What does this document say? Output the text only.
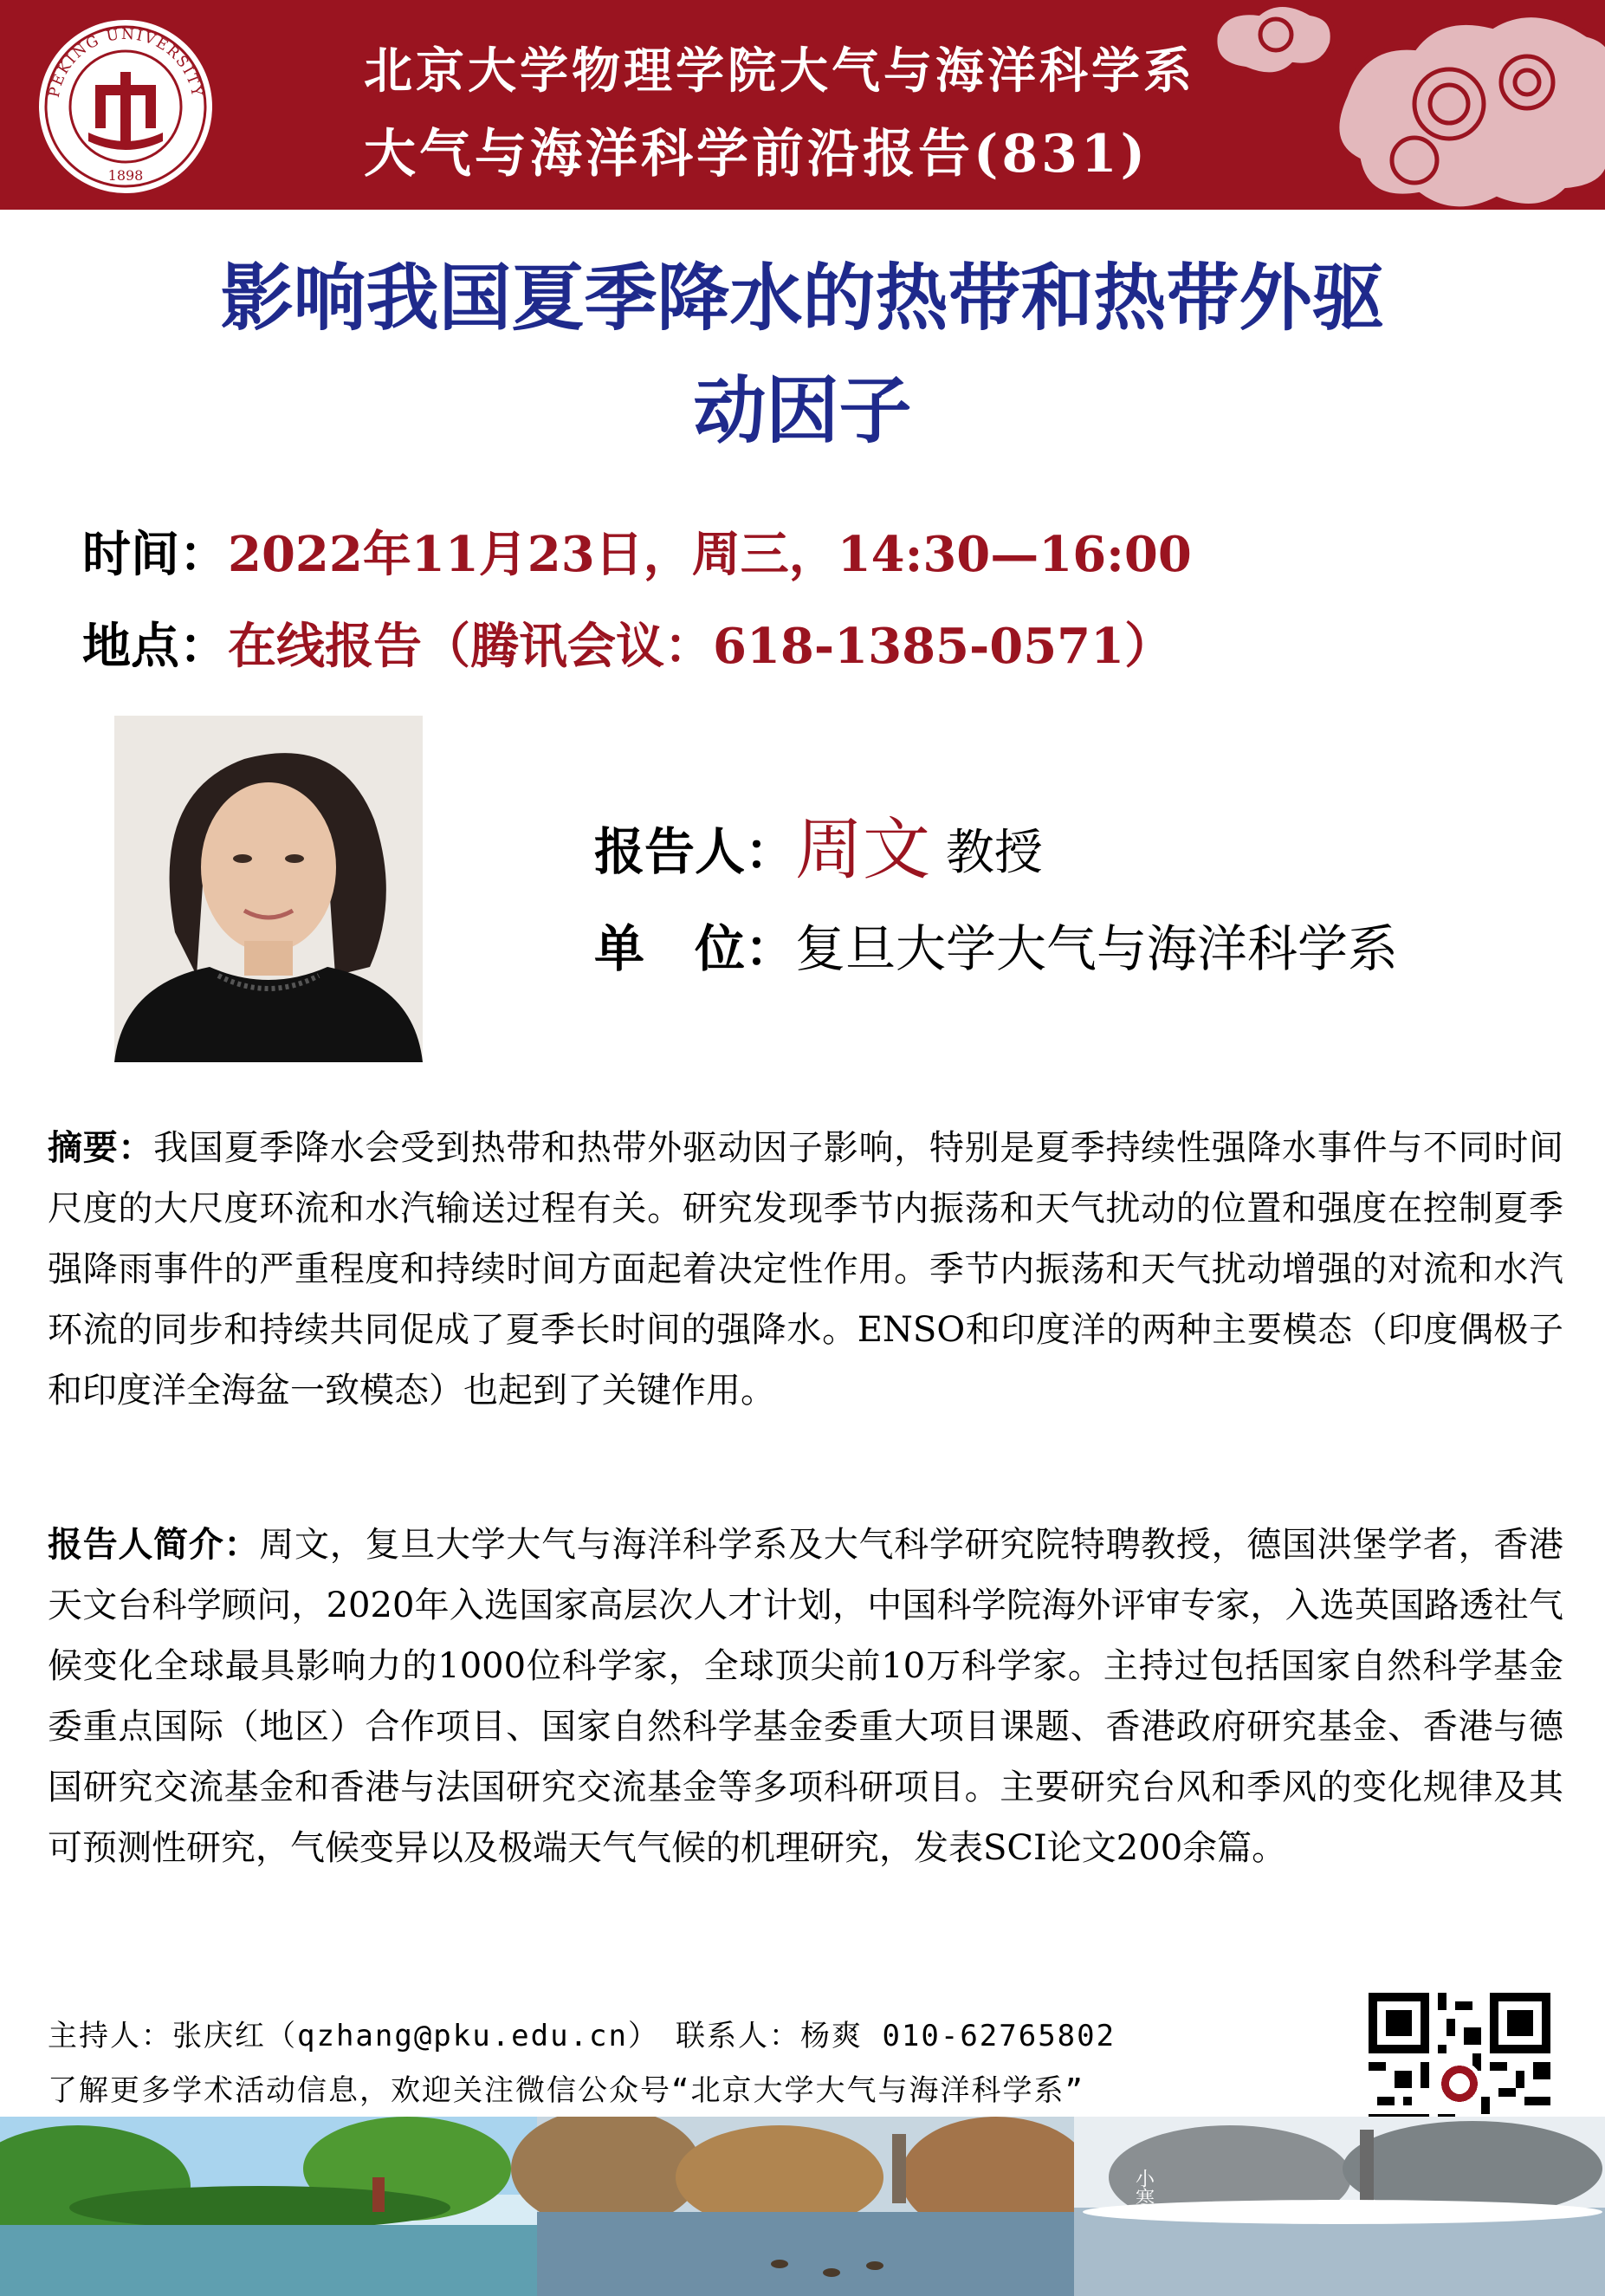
PEKING UNIVERSITY
1898
北京大学物理学院大气与海洋科学系
大气与海洋科学前沿报告(831)
影响我国夏季降水的热带和热带外驱
动因子
时间：2022年11月23日，周三，14:30—16:00
地点：在线报告（腾讯会议：618-1385-0571）
报告人：周文 教授
单　位：复旦大学大气与海洋科学系
摘要：我国夏季降水会受到热带和热带外驱动因子影响，特别是夏季持续性强降水事件与不同时间尺度的大尺度环流和水汽输送过程有关。研究发现季节内振荡和天气扰动的位置和强度在控制夏季强降雨事件的严重程度和持续时间方面起着决定性作用。季节内振荡和天气扰动增强的对流和水汽环流的同步和持续共同促成了夏季长时间的强降水。ENSO和印度洋的两种主要模态（印度偶极子和印度洋全海盆一致模态）也起到了关键作用。
报告人简介：周文，复旦大学大气与海洋科学系及大气科学研究院特聘教授，德国洪堡学者，香港天文台科学顾问，2020年入选国家高层次人才计划，中国科学院海外评审专家，入选英国路透社气候变化全球最具影响力的1000位科学家，全球顶尖前10万科学家。主持过包括国家自然科学基金委重点国际（地区）合作项目、国家自然科学基金委重大项目课题、香港政府研究基金、香港与德国研究交流基金和香港与法国研究交流基金等多项科研项目。主要研究台风和季风的变化规律及其可预测性研究，气候变异以及极端天气气候的机理研究，发表SCI论文200余篇。
主持人：张庆红（qzhang@pku.edu.cn）　联系人：杨爽 010-62765802
了解更多学术活动信息，欢迎关注微信公众号“北京大学大气与海洋科学系”
小寒
